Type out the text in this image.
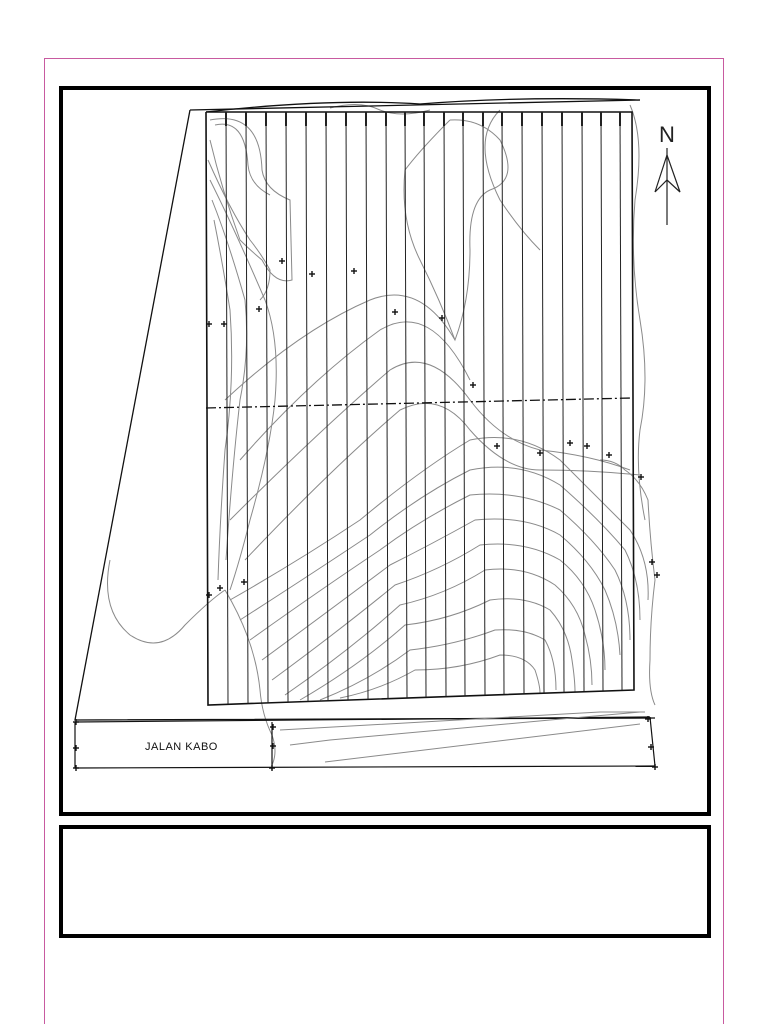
JALAN KABO
N
